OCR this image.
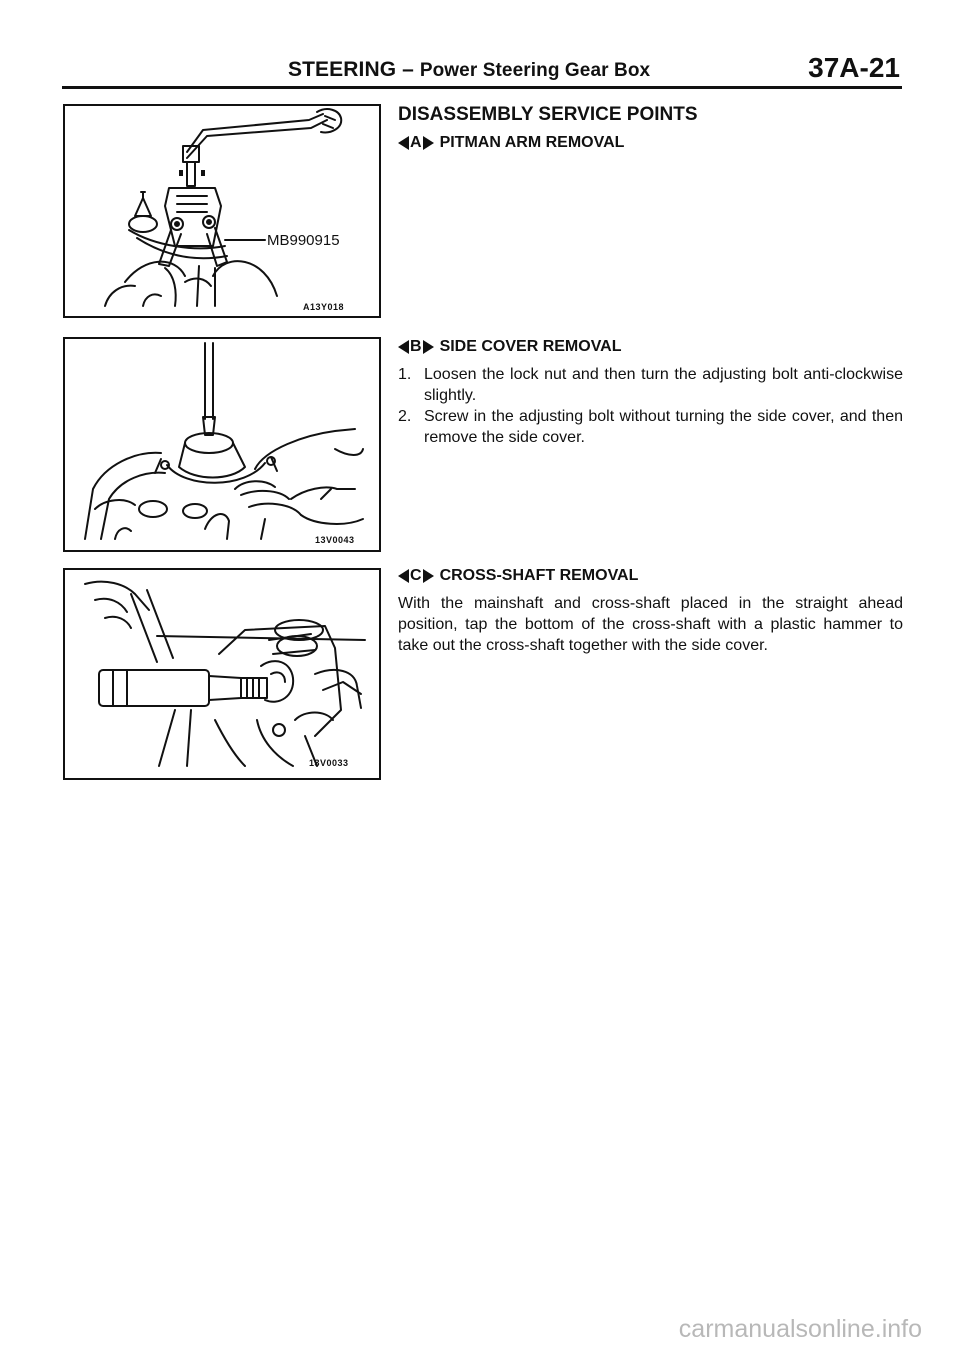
STEERING – Power Steering Gear Box	37A-21
MB990915
A13Y018
13V0043
13V0033
DISASSEMBLY SERVICE POINTS
A PITMAN ARM REMOVAL
B SIDE COVER REMOVAL
1. Loosen the lock nut and then turn the adjusting bolt anti-clockwise slightly.
2. Screw in the adjusting bolt without turning the side cover, and then remove the side cover.
C CROSS-SHAFT REMOVAL
With the mainshaft and cross-shaft placed in the straight ahead position, tap the bottom of the cross-shaft with a plastic hammer to take out the cross-shaft together with the side cover.
carmanualsonline.info
